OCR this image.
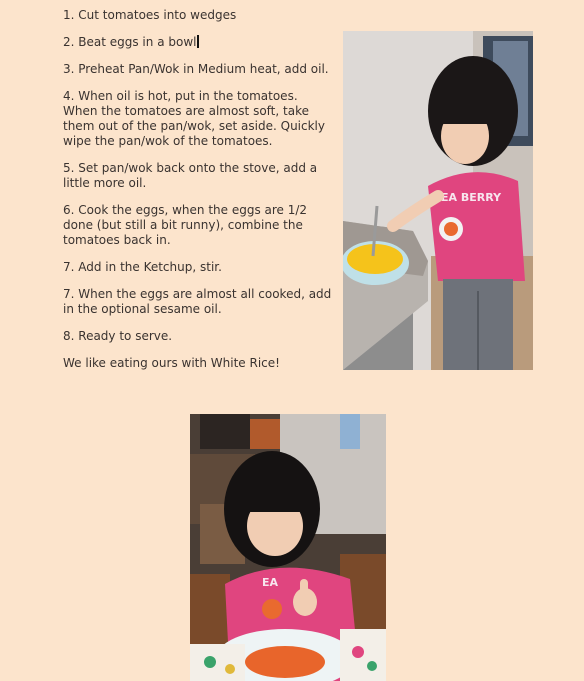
1. Cut tomatoes into wedges

2. Beat eggs in a bowl

3. Preheat Pan/Wok in Medium heat, add oil.

4. When oil is hot, put in the tomatoes. When the tomatoes are almost soft, take them out of the pan/wok, set aside. Quickly wipe the pan/wok of the tomatoes.

5. Set pan/wok back onto the stove, add a little more oil.

6. Cook the eggs, when the eggs are 1/2 done (but still a bit runny), combine the tomatoes back in.

7. Add in the Ketchup, stir.

7. When the eggs are almost all cooked, add in the optional sesame oil.

8. Ready to serve.

We like eating ours with White Rice!

EA BERRY
EA
